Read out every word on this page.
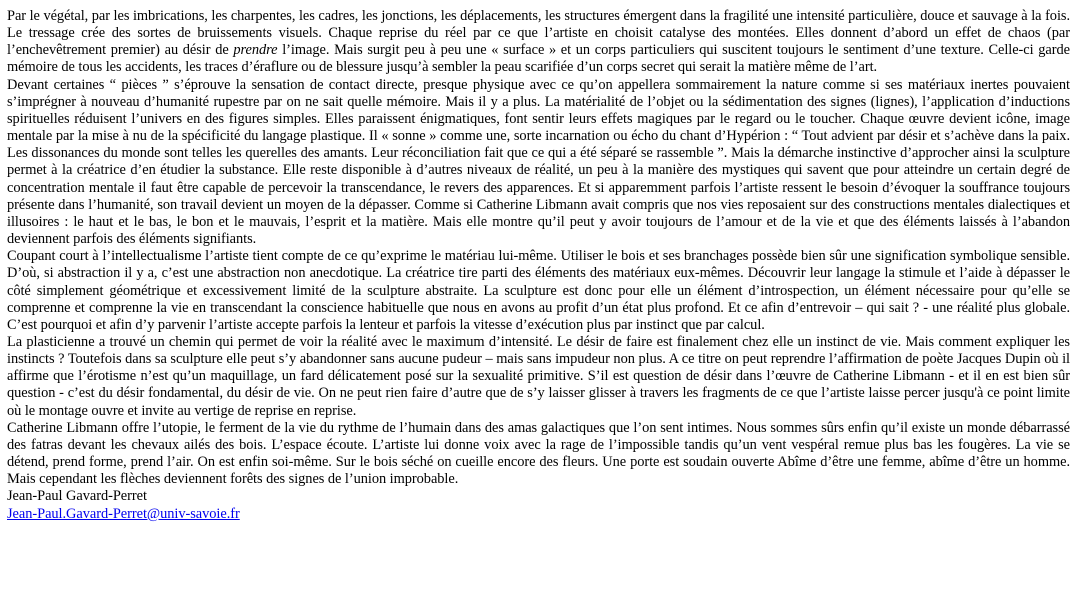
Par le végétal, par les imbrications, les charpentes, les cadres, les jonctions, les déplacements, les structures émergent dans la fragilité une intensité particulière, douce et sauvage à la fois. Le tressage crée des sortes de bruissements visuels. Chaque reprise du réel par ce que l’artiste en choisit catalyse des montées. Elles donnent d’abord un effet de chaos (par l’enchevêtrement premier) au désir de prendre l’image. Mais surgit peu à peu une « surface » et un corps particuliers qui suscitent toujours le sentiment d’une texture. Celle-ci garde mémoire de tous les accidents, les traces d’éraflure ou de blessure jusqu’à sembler la peau scarifiée d’un corps secret qui serait la matière même de l’art.

Devant certaines “ pièces ” s’éprouve la sensation de contact directe, presque physique avec ce qu’on appellera sommairement la nature comme si ses matériaux inertes pouvaient s’imprégner à nouveau d’humanité rupestre par on ne sait quelle mémoire. Mais il y a plus. La matérialité de l’objet ou la sédimentation des signes (lignes), l’application d’inductions spirituelles réduisent l’univers en des figures simples. Elles paraissent énigmatiques, font sentir leurs effets magiques par le regard ou le toucher. Chaque œuvre devient icône, image mentale par la mise à nu de la spécificité du langage plastique. Il « sonne » comme une, sorte incarnation ou écho du chant d’Hypérion : “ Tout advient par désir et s’achève dans la paix. Les dissonances du monde sont telles les querelles des amants. Leur réconciliation fait que ce qui a été séparé se rassemble ”. Mais la démarche instinctive d’approcher ainsi la sculpture permet à la créatrice d’en étudier la substance. Elle reste disponible à d’autres niveaux de réalité, un peu à la manière des mystiques qui savent que pour atteindre un certain degré de concentration mentale il faut être capable de percevoir la transcendance, le revers des apparences. Et si apparemment parfois l’artiste ressent le besoin d’évoquer la souffrance toujours présente dans l’humanité, son travail devient un moyen de la dépasser. Comme si Catherine Libmann avait compris que nos vies reposaient sur des constructions mentales dialectiques et illusoires : le haut et le bas, le bon et le mauvais, l’esprit et la matière. Mais elle montre qu’il peut y avoir toujours de l’amour et de la vie et que des éléments laissés à l’abandon deviennent parfois des éléments signifiants.

Coupant court à l’intellectualisme l’artiste tient compte de ce qu’exprime le matériau lui-même. Utiliser le bois et ses branchages possède bien sûr une signification symbolique sensible. D’où, si abstraction il y a, c’est une abstraction non anecdotique. La créatrice tire parti des éléments des matériaux eux-mêmes. Découvrir leur langage la stimule et l’aide à dépasser le côté simplement géométrique et excessivement limité de la sculpture abstraite. La sculpture est donc pour elle un élément d’introspection, un élément nécessaire pour qu’elle se comprenne et comprenne la vie en transcendant la conscience habituelle que nous en avons au profit d’un état plus profond. Et ce afin d’entrevoir – qui sait ? - une réalité plus globale. C’est pourquoi et afin d’y parvenir l’artiste accepte parfois la lenteur et parfois la vitesse d’exécution plus par instinct que par calcul.

La plasticienne a trouvé un chemin qui permet de voir la réalité avec le maximum d’intensité. Le désir de faire est finalement chez elle un instinct de vie. Mais comment expliquer les instincts ? Toutefois dans sa sculpture elle peut s’y abandonner sans aucune pudeur – mais sans impudeur non plus. A ce titre on peut reprendre l’affirmation de poète Jacques Dupin où il affirme que l’érotisme n’est qu’un maquillage, un fard délicatement posé sur la sexualité primitive. S’il est question de désir dans l’œuvre de Catherine Libmann - et il en est bien sûr question - c’est du désir fondamental, du désir de vie. On ne peut rien faire d’autre que de s’y laisser glisser à travers les fragments de ce que l’artiste laisse percer jusqu'à ce point limite où le montage ouvre et invite au vertige de reprise en reprise.

Catherine Libmann offre l’utopie, le ferment de la vie du rythme de l’humain dans des amas galactiques que l’on sent intimes. Nous sommes sûrs enfin qu’il existe un monde débarrassé des fatras devant les chevaux ailés des bois. L’espace écoute. L’artiste lui donne voix avec la rage de l’impossible tandis qu’un vent vespéral remue plus bas les fougères. La vie se détend, prend forme, prend l’air. On est enfin soi-même. Sur le bois séché on cueille encore des fleurs. Une porte est soudain ouverte Abîme d’être une femme, abîme d’être un homme. Mais cependant les flèches deviennent forêts des signes de l’union improbable.

Jean-Paul Gavard-Perret

Jean-Paul.Gavard-Perret@univ-savoie.fr
